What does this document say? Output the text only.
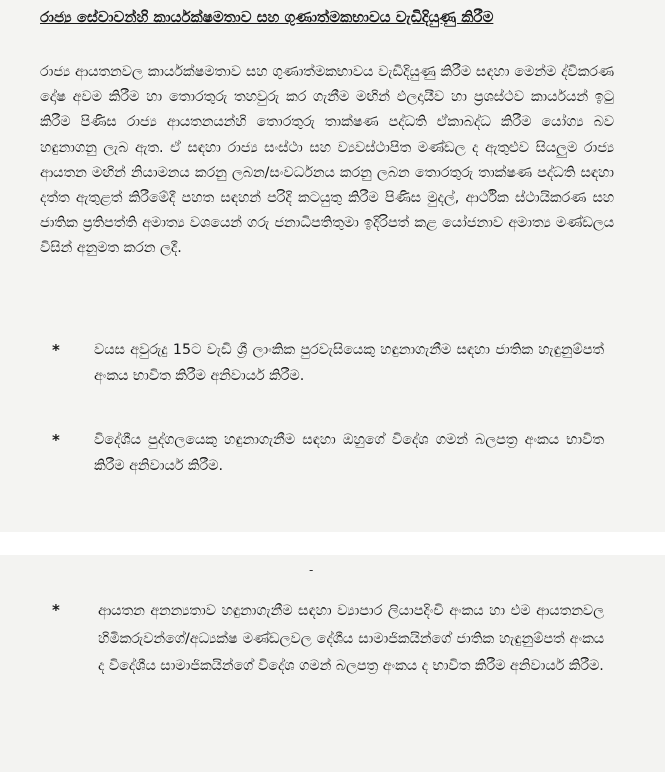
රාජ්‍ය සේවාවන්හි කාර්යක්ෂමතාව සහ ගුණාත්මකභාවය වැඩිදියුණු කිරීම
රාජ්‍ය ආයතනවල කාර්යක්ෂමතාව සහ ගුණාත්මකභාවය වැඩිදියුණු කිරීම සඳහා මෙන්ම ද්විකරණ දෝෂ අවම කිරීම හා තොරතුරු තහවුරු කර ගැනීම මඟින් ඵලදායීව හා ප්‍රශස්ථව කාර්යයන් ඉටු කිරීම පිණිස රාජ්‍ය ආයතනයන්හි තොරතුරු තාක්ෂණ පද්ධති ඒකාබද්ධ කිරීම යෝග්‍ය බව හඳුනාගනු ලැබ ඇත. ඒ සඳහා රාජ්‍ය සංස්ථා සහ ව්‍යවස්ථාපිත මණ්ඩල ද ඇතුළුව සියලුම රාජ්‍ය ආයතන මඟින් නියාමනය කරනු ලබන/සංවර්ධනය කරනු ලබන තොරතුරු තාක්ෂණ පද්ධති සඳහා දත්ත ඇතුළත් කිරීමේදී පහත සඳහන් පරිදි කටයුතු කිරීම පිණිස මුදල්, ආර්ථික ස්ථායිකරණ සහ ජාතික ප්‍රතිපත්ති අමාත්‍ය වශයෙන් ගරු ජනාධිපතිතුමා ඉදිරිපත් කළ යෝජනාව අමාත්‍ය මණ්ඩලය විසින් අනුමත කරන ලදී.
*	වයස අවුරුදු 15ට වැඩි ශ්‍රී ලාංකික පුරවැසියෙකු හඳුනාගැනීම සඳහා ජාතික හැඳුනුම්පත් අංකය භාවිත කිරීම අනිවාර්ය කිරීම.
*	විදේශීය පුද්ගලයෙකු හඳුනාගැනීම සඳහා ඔහුගේ විදේශ ගමන් බලපත්‍ර අංකය භාවිත කිරීම අනිවාර්ය කිරීම.
-
*	ආයතන අනන්‍යතාව හඳුනාගැනීම සඳහා ව්‍යාපාර ලියාපදිංචි අංකය හා එම ආයතනවල හිමිකරුවන්ගේ/අධ්‍යක්ෂ මණ්ඩලවල දේශීය සාමාජිකයින්ගේ ජාතික හැඳුනුම්පත් අංකය ද විදේශීය සාමාජිකයින්ගේ විදේශ ගමන් බලපත්‍ර අංකය ද භාවිත කිරීම අනිවාර්ය කිරීම.
